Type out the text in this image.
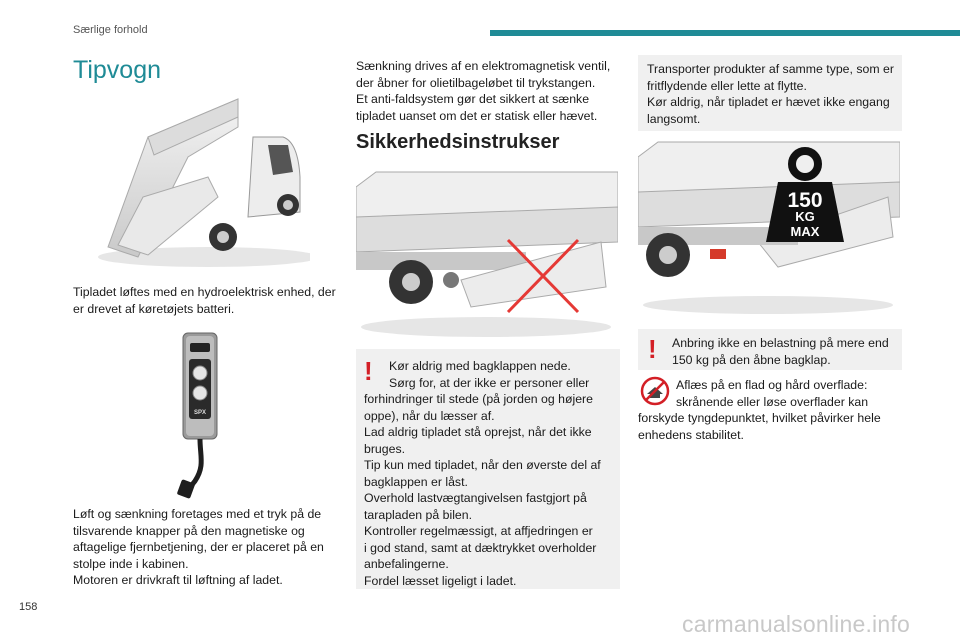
Særlige forhold
Tipvogn

Tipladet løftes med en hydroelektrisk enhed, der
er drevet af køretøjets batteri.

SPX

Løft og sænkning foretages med et tryk på de
tilsvarende knapper på den magnetiske og
aftagelige fjernbetjening, der er placeret på en
stolpe inde i kabinen.
Motoren er drivkraft til løftning af ladet.

Sænkning drives af en elektromagnetisk ventil,
der åbner for olietilbageløbet til trykstangen.
Et anti-faldsystem gør det sikkert at sænke
tipladet uanset om det er statisk eller hævet.

Sikkerhedsinstrukser
!	Kør aldrig med bagklappen nede.
Sørg for, at der ikke er personer eller
forhindringer til stede (på jorden og højere
oppe), når du læsser af.
Lad aldrig tipladet stå oprejst, når det ikke
bruges.
Tip kun med tipladet, når den øverste del af
bagklappen er låst.
Overhold lastvægtangivelsen fastgjort på
tarapladen på bilen.
Kontroller regelmæssigt, at affjedringen er
i god stand, samt at dæktrykket overholder
anbefalingerne.
Fordel læsset ligeligt i ladet.

Transporter produkter af samme type, som er
fritflydende eller lette at flytte.
Kør aldrig, når tipladet er hævet ikke engang
langsomt.

150
KG
MAX
! Anbring ikke en belastning på mere end
150 kg på den åbne bagklap.

Aflæs på en flad og hård overflade:
skrånende eller løse overflader kan
forskyde tyngdepunktet, hvilket påvirker hele
enhedens stabilitet.

158
carmanualsonline.info
